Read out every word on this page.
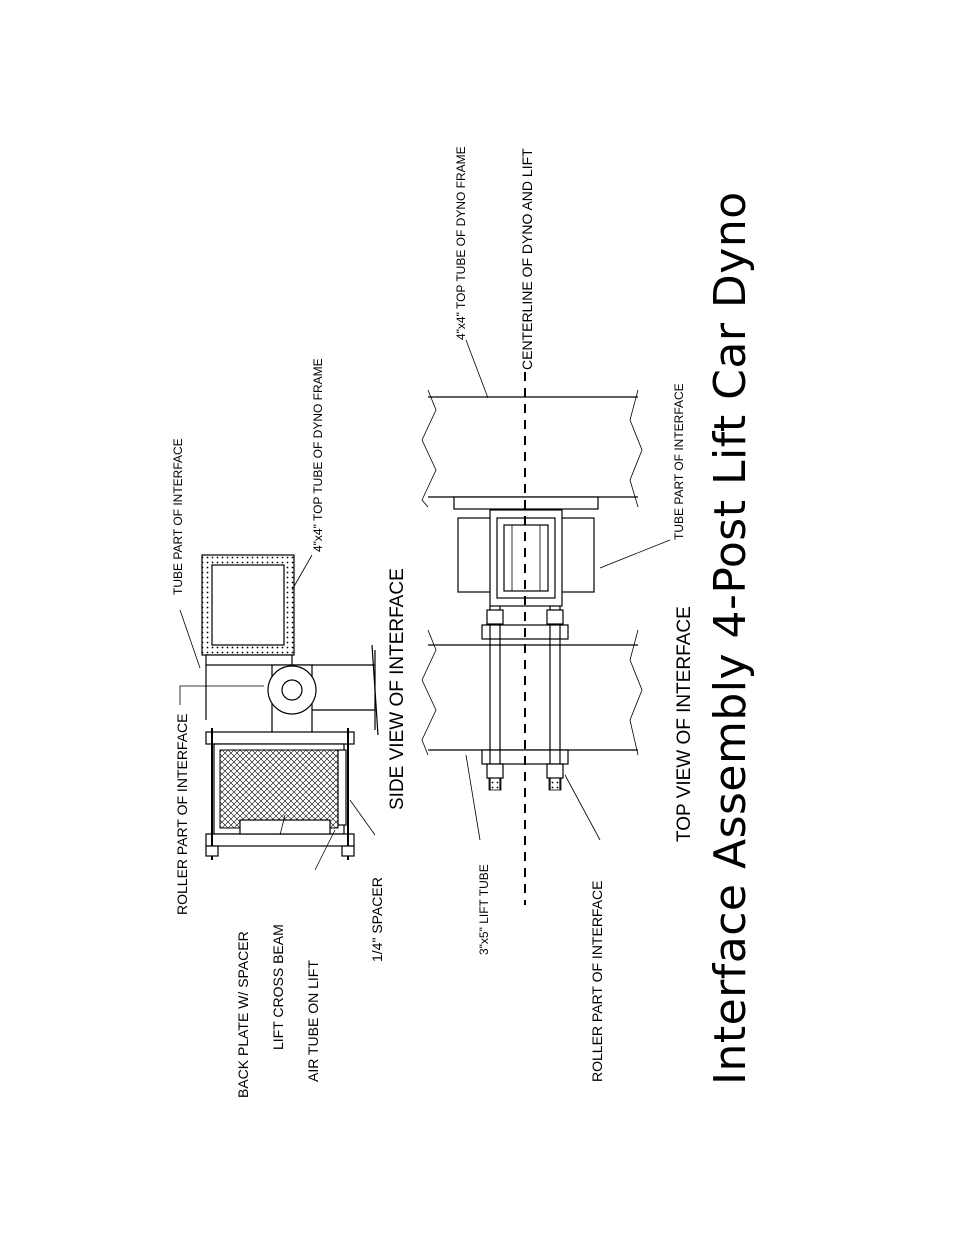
Interface Assembly 4-Post Lift Car Dyno
TUBE PART OF INTERFACE	4"x4" TOP TUBE OF DYNO FRAME
ROLLER PART OF INTERFACE
BACK PLATE W/ SPACER LIFT CROSS BEAM AIR TUBE ON LIFT
1/4" SPACER
SIDE VIEW OF INTERFACE
4"x4" TOP TUBE OF DYNO FRAME	CENTERLINE OF DYNO AND LIFT
TUBE PART OF INTERFACE
3"x5" LIFT TUBE	ROLLER PART OF INTERFACE
TOP VIEW OF INTERFACE
